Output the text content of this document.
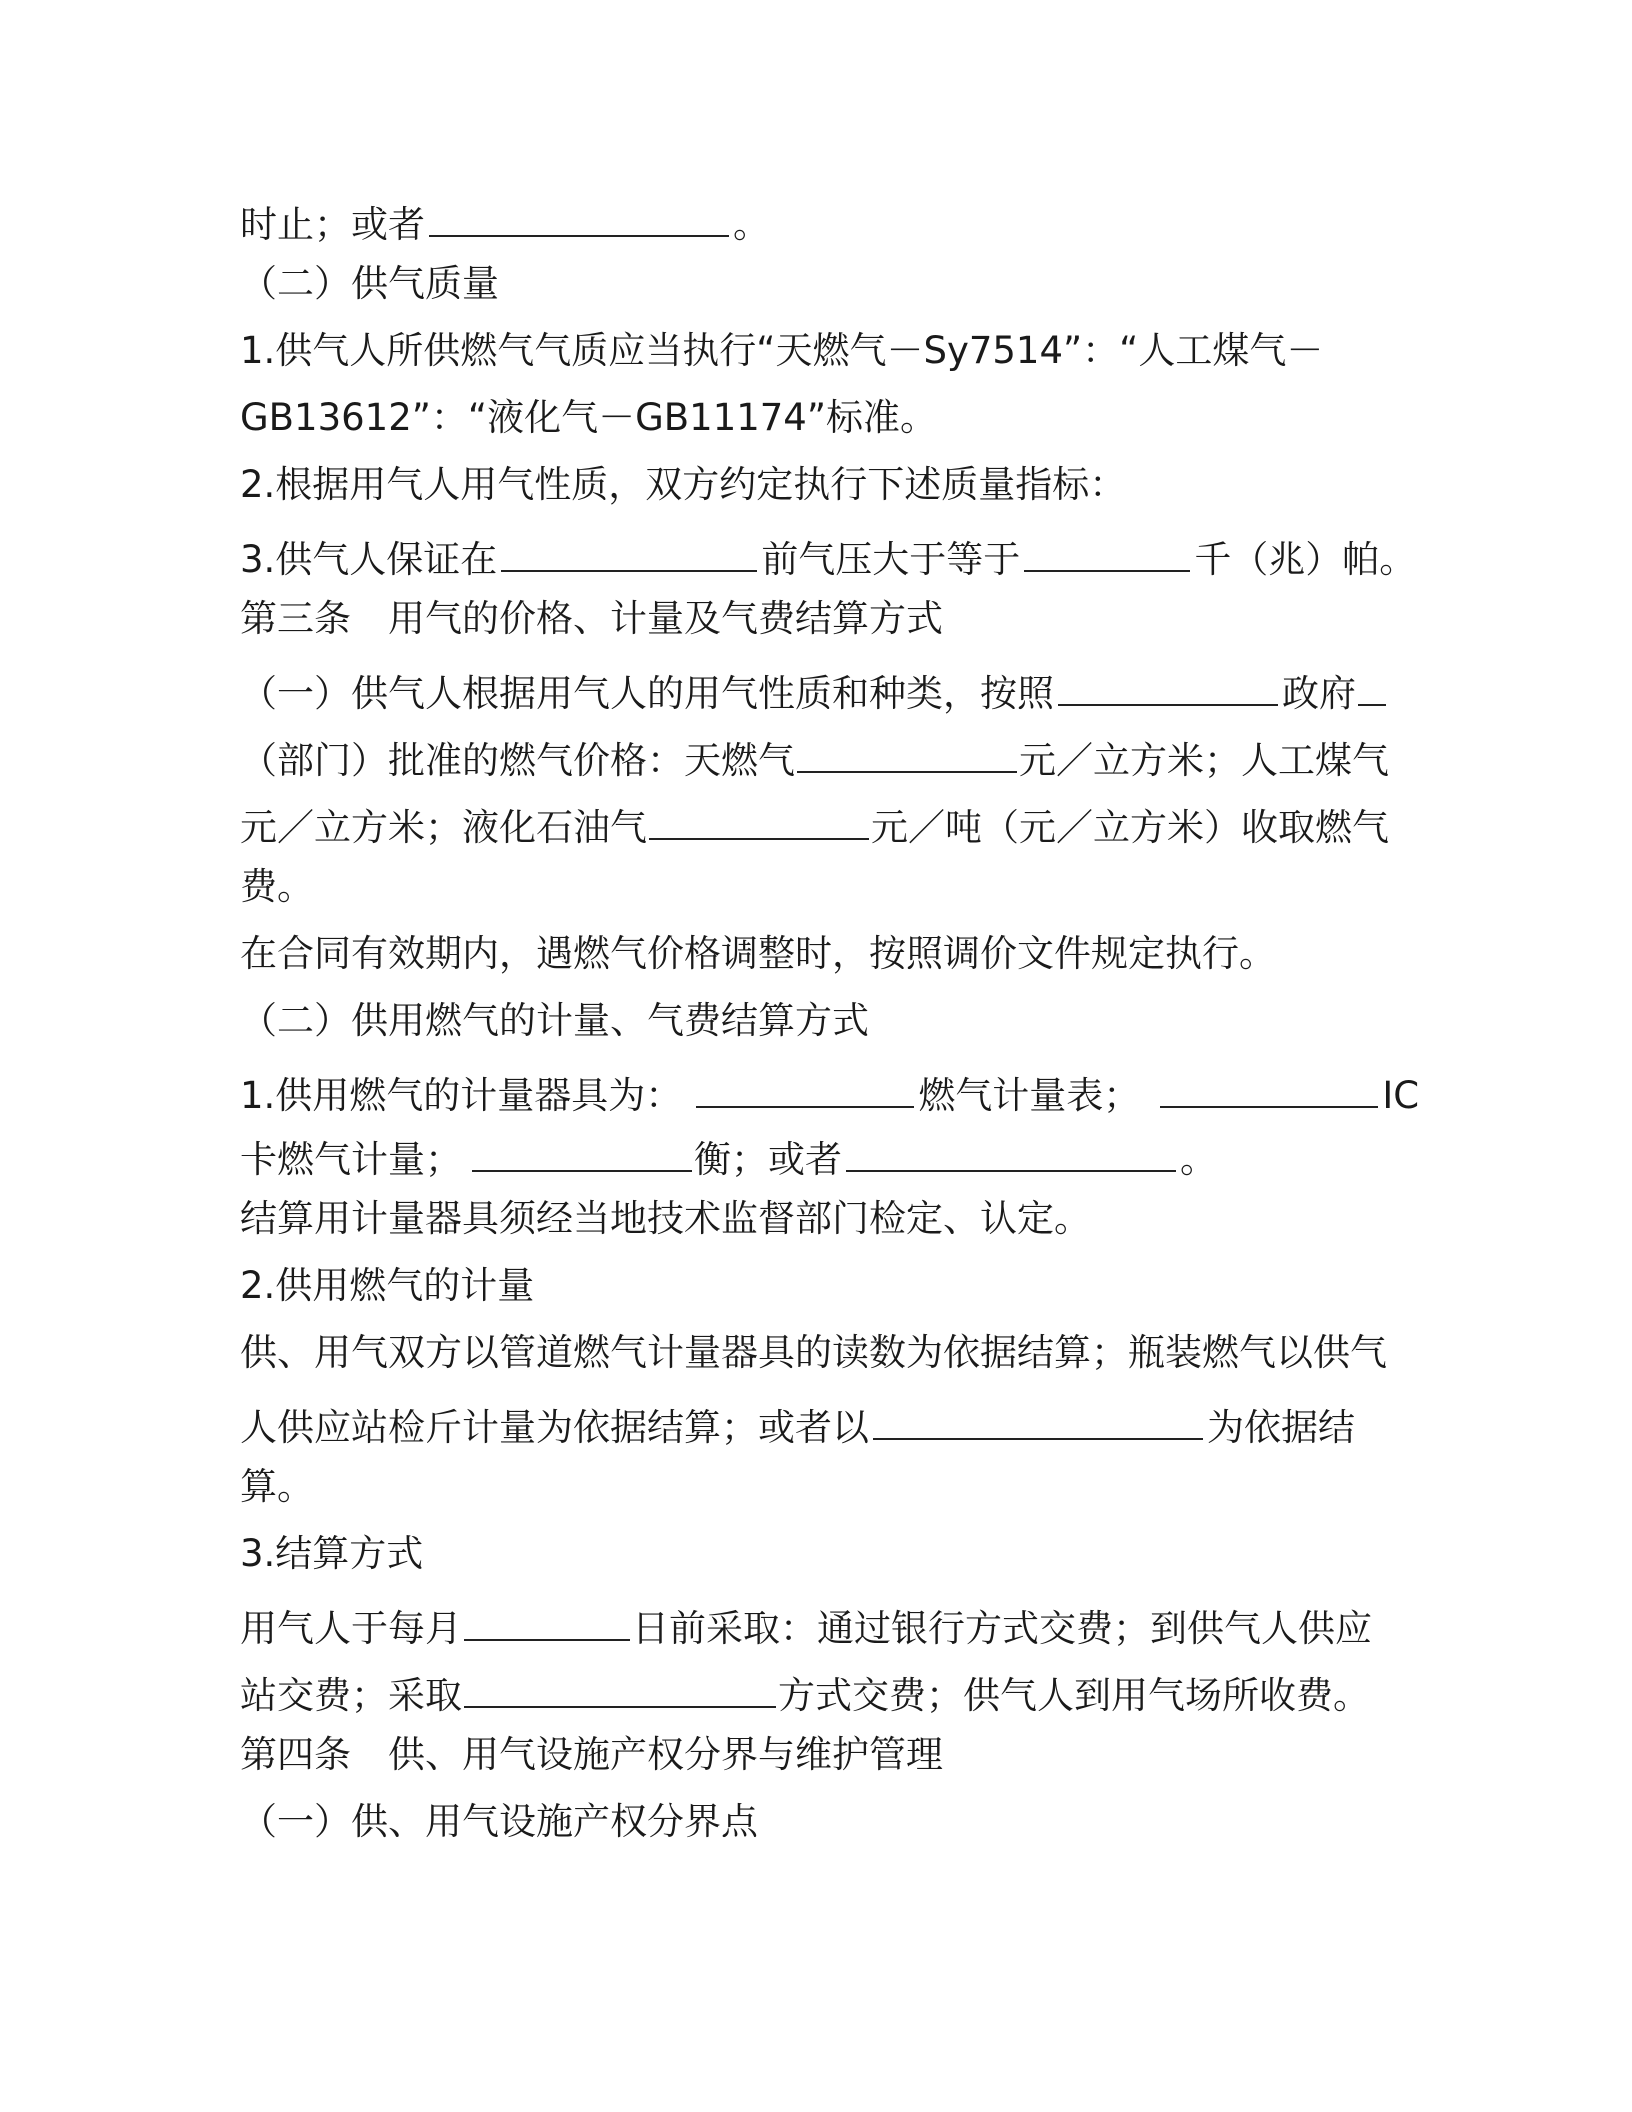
时止；或者	。
（二）供气质量
1.供气人所供燃气气质应当执行“天燃气－Sy7514”：“人工煤气－
GB13612”：“液化气－GB11174”标准。
2.根据用气人用气性质，双方约定执行下述质量指标：
3.供气人保证在	前气压大于等于	千（兆）帕。
第三条　用气的价格、计量及气费结算方式
（一）供气人根据用气人的用气性质和种类，按照	政府
（部门）批准的燃气价格：天燃气	元／立方米；人工煤气
元／立方米；液化石油气	元／吨（元／立方米）收取燃气
费。
在合同有效期内，遇燃气价格调整时，按照调价文件规定执行。
（二）供用燃气的计量、气费结算方式
1.供用燃气的计量器具为：	燃气计量表；	IC
卡燃气计量；	衡；或者	。
结算用计量器具须经当地技术监督部门检定、认定。
2.供用燃气的计量
供、用气双方以管道燃气计量器具的读数为依据结算；瓶装燃气以供气
人供应站检斤计量为依据结算；或者以	为依据结
算。
3.结算方式
用气人于每月	日前采取：通过银行方式交费；到供气人供应
站交费；采取	方式交费；供气人到用气场所收费。
第四条　供、用气设施产权分界与维护管理
（一）供、用气设施产权分界点
